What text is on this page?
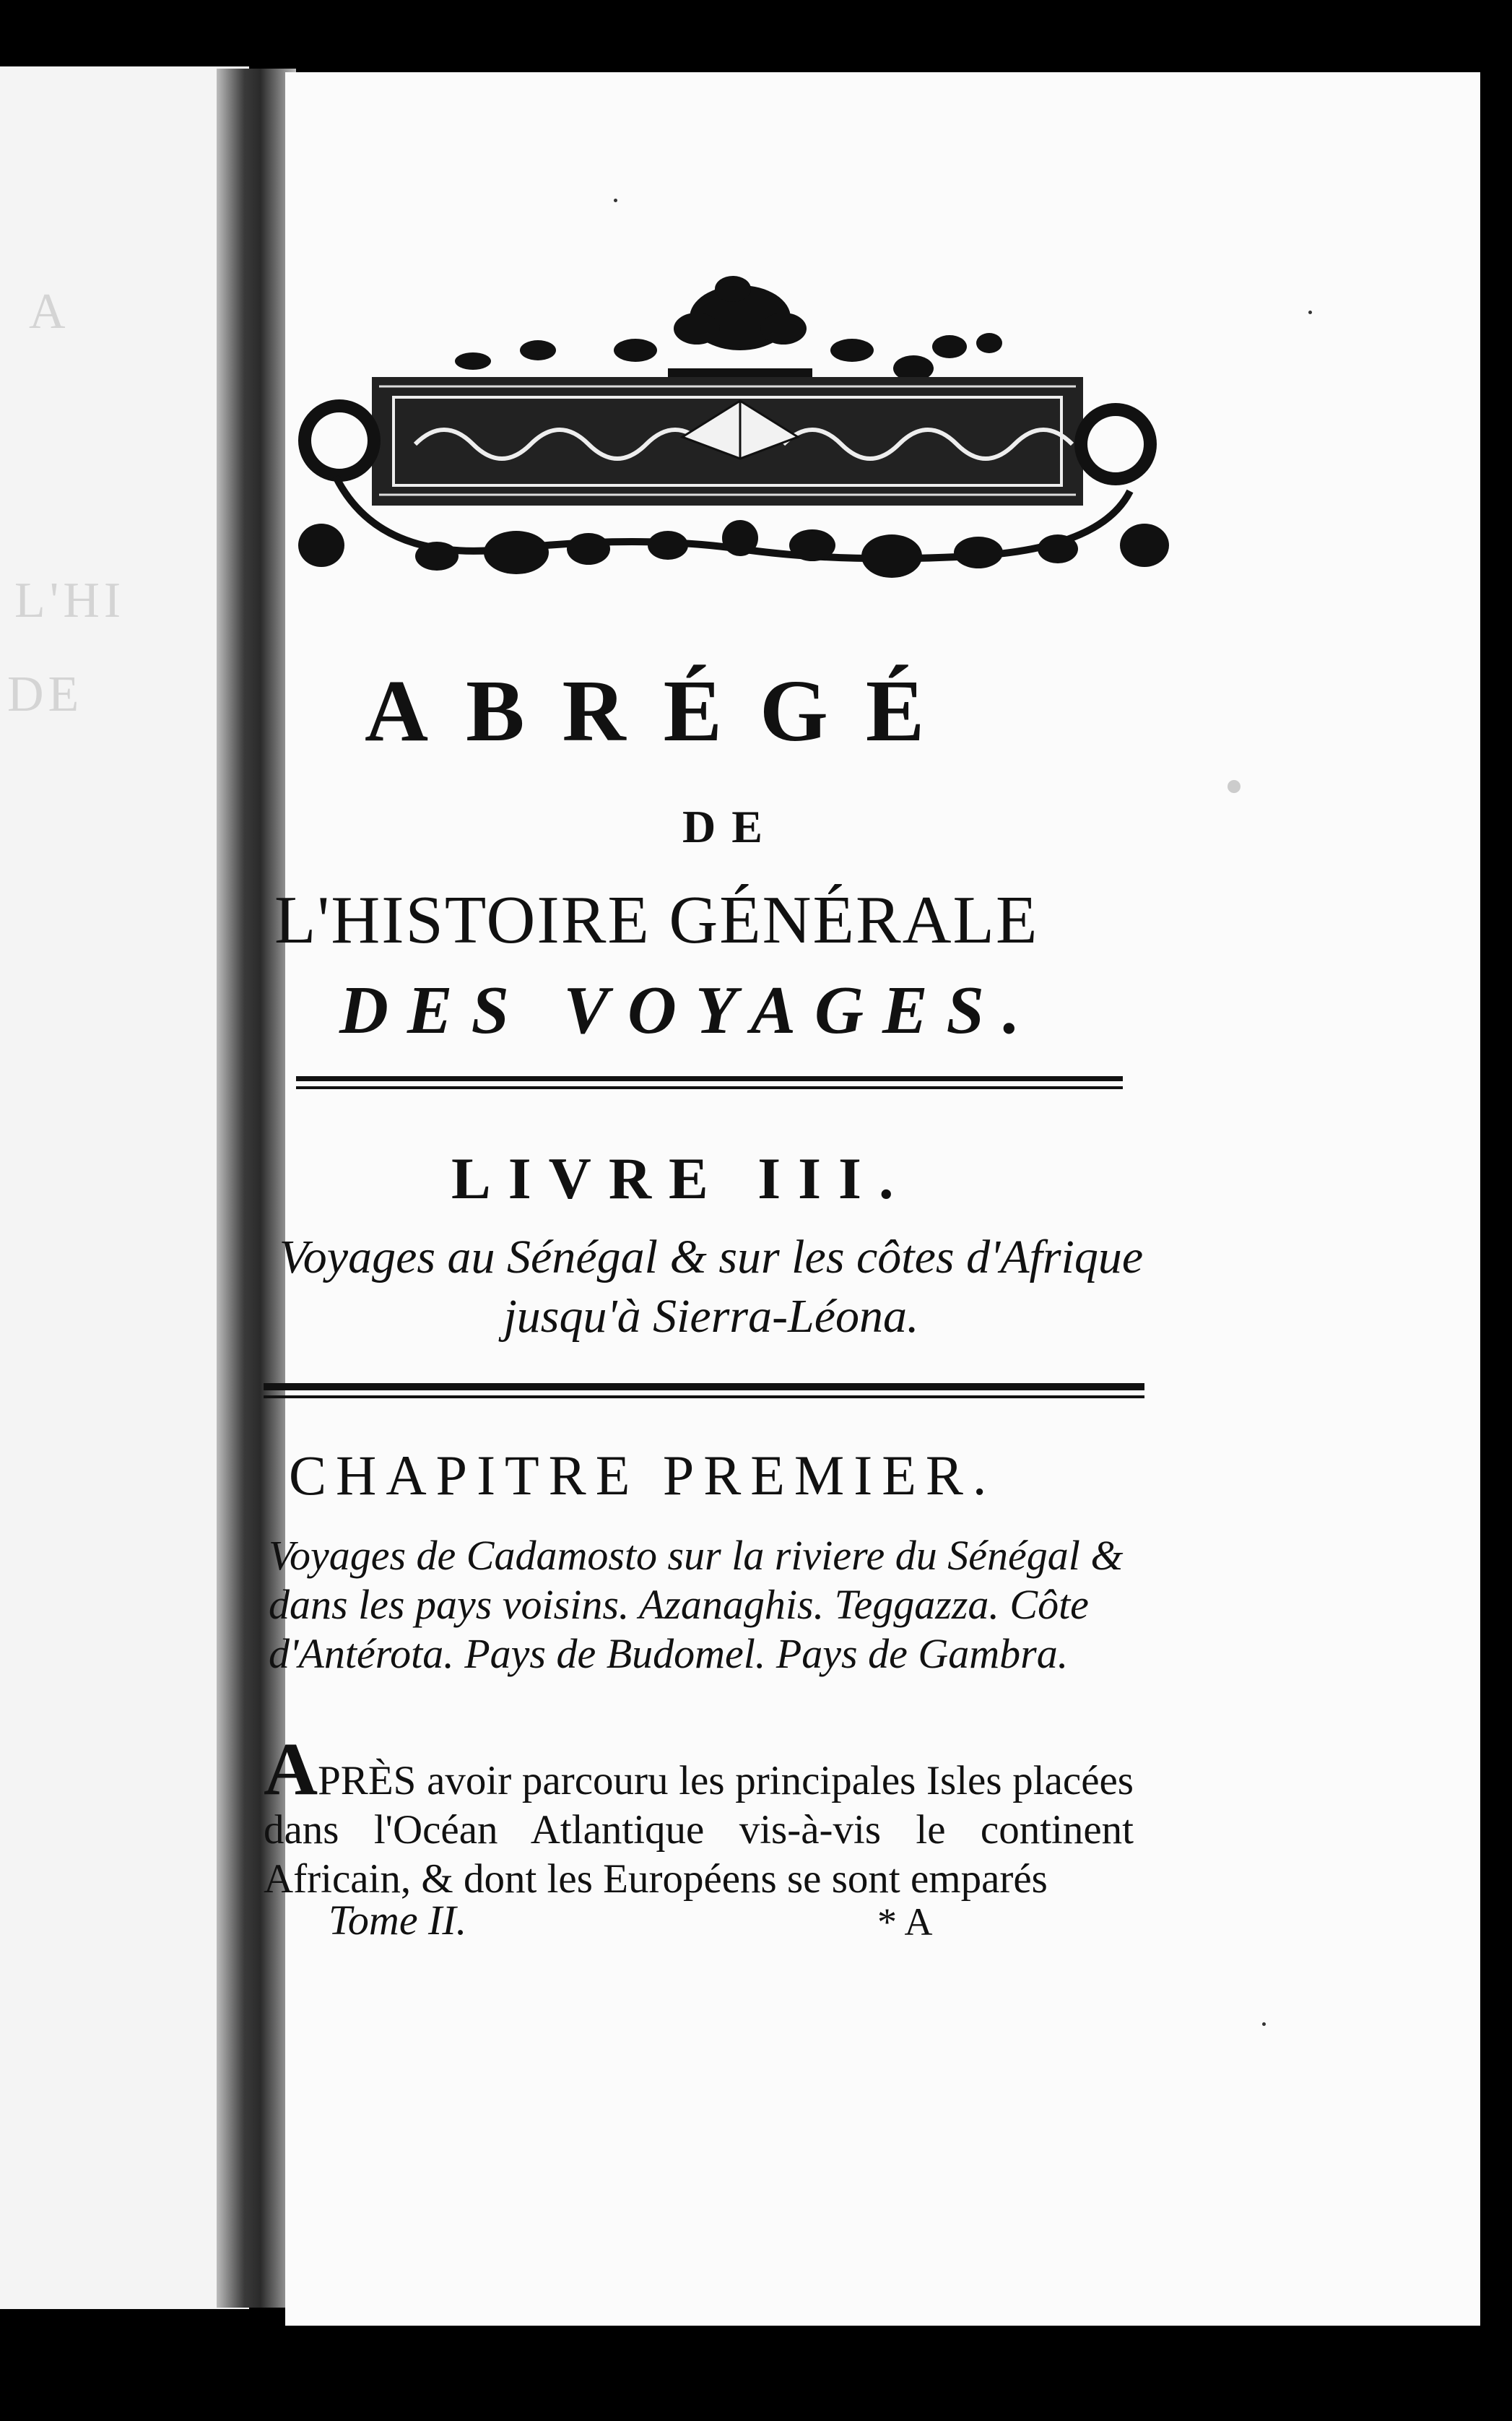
A
L'HI
DE	ABRÉGÉ
DE
L'HISTOIRE GÉNÉRALE
DES VOYAGES.
LIVRE III.
Voyages au Sénégal & sur les côtes d'Afrique jusqu'à Sierra-Léona.
CHAPITRE PREMIER.
Voyages de Cadamosto sur la riviere du Sénégal &
dans les pays voisins. Azanaghis. Teggazza. Côte
d'Antérota. Pays de Budomel. Pays de Gambra.
APRÈS avoir parcouru les principales Isles placées dans l'Océan Atlantique vis-à-vis le continent Africain, & dont les Européens se sont emparés
Tome II.	* A
